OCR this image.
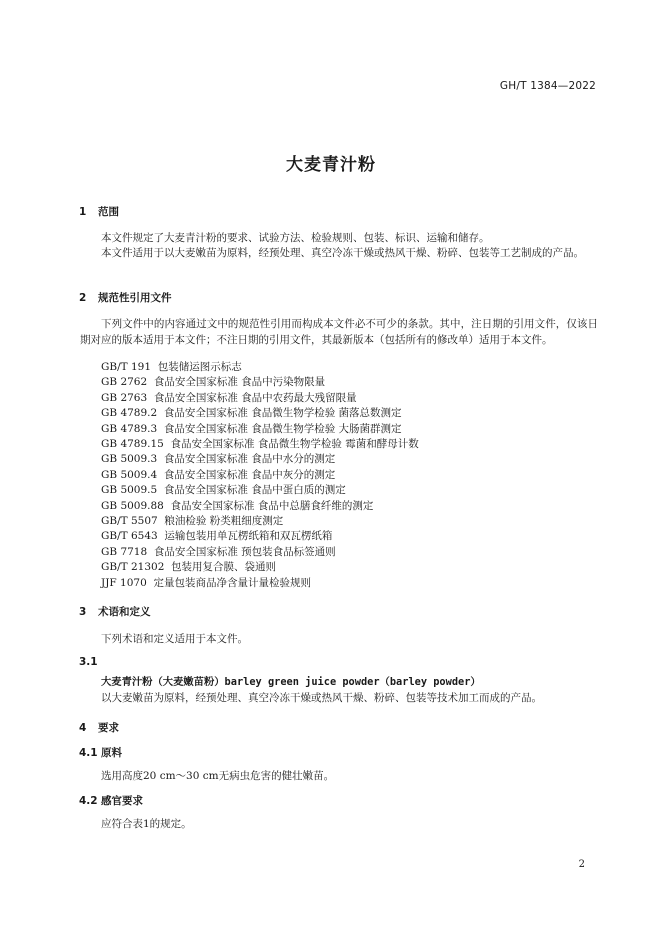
GH/T 1384—2022
大麦青汁粉
1 范围
本文件规定了大麦青汁粉的要求、试验方法、检验规则、包装、标识、运输和储存。
本文件适用于以大麦嫩苗为原料，经预处理、真空冷冻干燥或热风干燥、粉碎、包装等工艺制成的产品。
2 规范性引用文件
下列文件中的内容通过文中的规范性引用而构成本文件必不可少的条款。其中，注日期的引用文件，仅该日期对应的版本适用于本文件；不注日期的引用文件，其最新版本（包括所有的修改单）适用于本文件。
GB/T 191  包装储运图示标志
GB 2762  食品安全国家标准 食品中污染物限量
GB 2763  食品安全国家标准 食品中农药最大残留限量
GB 4789.2  食品安全国家标准 食品微生物学检验 菌落总数测定
GB 4789.3  食品安全国家标准 食品微生物学检验 大肠菌群测定
GB 4789.15  食品安全国家标准 食品微生物学检验 霉菌和酵母计数
GB 5009.3  食品安全国家标准 食品中水分的测定
GB 5009.4  食品安全国家标准 食品中灰分的测定
GB 5009.5  食品安全国家标准 食品中蛋白质的测定
GB 5009.88  食品安全国家标准 食品中总膳食纤维的测定
GB/T 5507  粮油检验 粉类粗细度测定
GB/T 6543  运输包装用单瓦楞纸箱和双瓦楞纸箱
GB 7718  食品安全国家标准 预包装食品标签通则
GB/T 21302  包装用复合膜、袋通则
JJF 1070  定量包装商品净含量计量检验规则
3 术语和定义
下列术语和定义适用于本文件。
3.1
大麦青汁粉（大麦嫩苗粉）barley green juice powder（barley powder）
以大麦嫩苗为原料，经预处理、真空冷冻干燥或热风干燥、粉碎、包装等技术加工而成的产品。
4 要求
4.1 原料
选用高度20 cm～30 cm无病虫危害的健壮嫩苗。
4.2 感官要求
应符合表1的规定。
2
